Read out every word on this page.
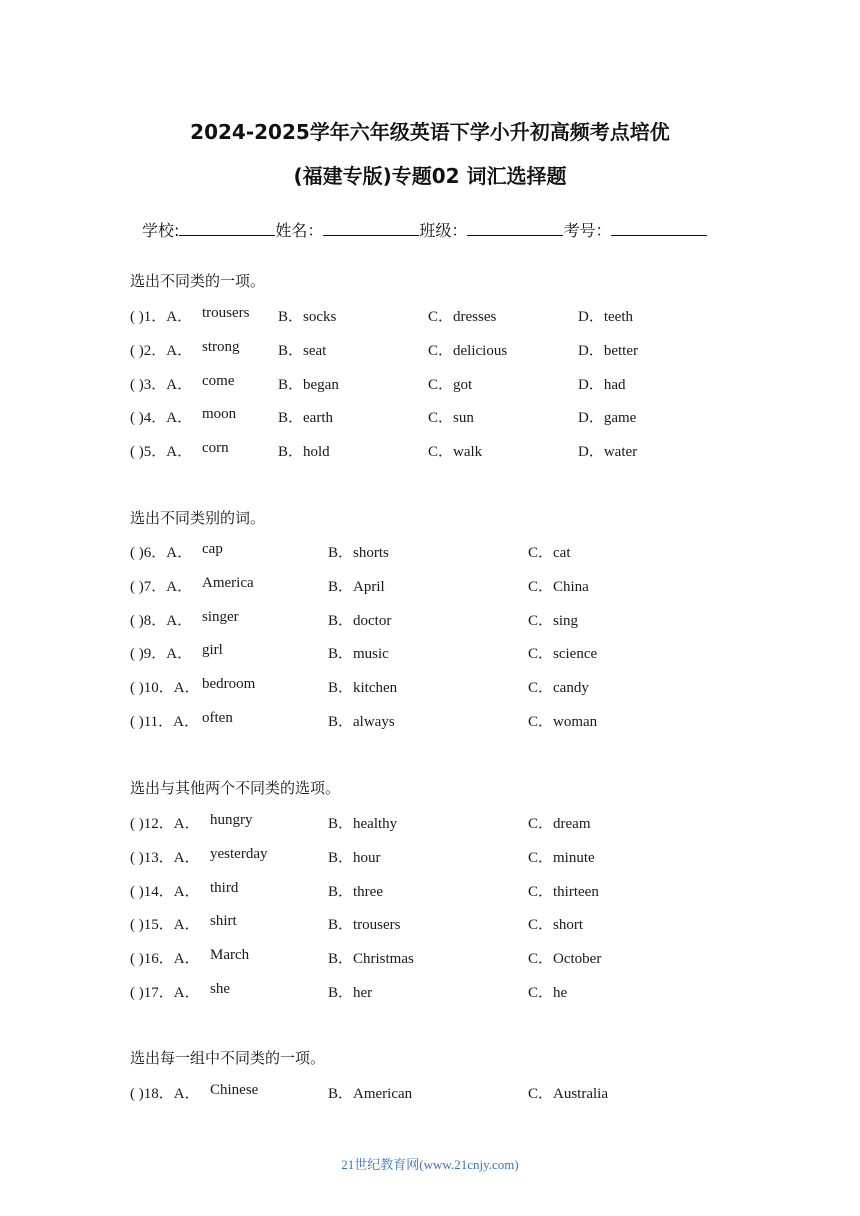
2024-2025学年六年级英语下学小升初高频考点培优
(福建专版)专题02 词汇选择题
学校:	姓名：	班级：	考号：
选出不同类的一项。
( )1．A． trousers B．socks	C．dresses	D．teeth
( )2．A． strong	B．seat	C．delicious	D．better
( )3．A． come	B．began	C．got	D．had
( )4．A． moon	B．earth	C．sun	D．game
( )5．A． corn	B．hold	C．walk	D．water
选出不同类别的词。
( )6．A． cap	B．shorts	C．cat
( )7．A． America	B．April	C．China
( )8．A． singer	B．doctor	C．sing
( )9．A． girl	B．music	C．science
( )10．A． bedroom	B．kitchen	C．candy
( )11．A． often	B．always	C．woman
选出与其他两个不同类的选项。
( )12．A． hungry	B．healthy	C．dream
( )13．A． yesterday	B．hour	C．minute
( )14．A． third	B．three	C．thirteen
( )15．A． shirt	B．trousers	C．short
( )16．A． March	B．Christmas	C．October
( )17．A． she	B．her	C．he
选出每一组中不同类的一项。
( )18．A． Chinese	B．American	C．Australia
21世纪教育网(www.21cnjy.com)
